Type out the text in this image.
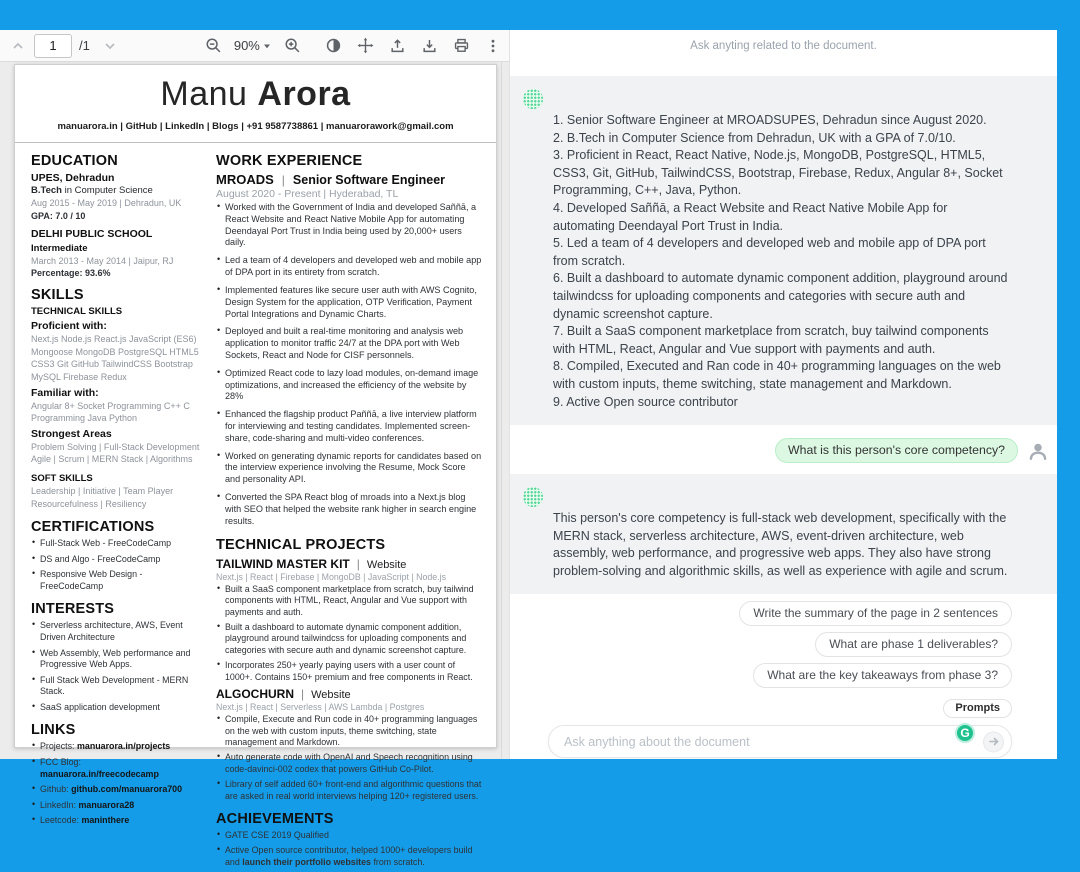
1
/1	90%
Manu Arora
manuarora.in | GitHub | LinkedIn | Blogs | +91 9587738861 | manuarorawork@gmail.com
EDUCATION
UPES, Dehradun
B.Tech in Computer Science
Aug 2015 - May 2019 | Dehradun, UK
GPA: 7.0 / 10
DELHI PUBLIC SCHOOL
Intermediate
March 2013 - May 2014 | Jaipur, RJ
Percentage: 93.6%
SKILLS
TECHNICAL SKILLS
Proficient with:
Next.js Node.js React.js JavaScript (ES6) Mongoose MongoDB PostgreSQL HTML5 CSS3 Git GitHub TailwindCSS Bootstrap MySQL Firebase Redux
Familiar with:
Angular 8+ Socket Programming C++ C Programming Java Python
Strongest Areas
Problem Solving | Full-Stack Development Agile | Scrum | MERN Stack | Algorithms
SOFT SKILLS
Leadership | Initiative | Team Player Resourcefulness | Resiliency
CERTIFICATIONS
• Full-Stack Web - FreeCodeCamp
• DS and Algo - FreeCodeCamp
• Responsive Web Design - FreeCodeCamp
INTERESTS
• Serverless architecture, AWS, Event Driven Architecture
• Web Assembly, Web performance and Progressive Web Apps.
• Full Stack Web Development - MERN Stack.
• SaaS application development
LINKS
• Projects: manuarora.in/projects
• FCC Blog: manuarora.in/freecodecamp
• Github: github.com/manuarora700
• LinkedIn: manuarora28
• Leetcode: maninthere
WORK EXPERIENCE
MROADS | Senior Software Engineer
August 2020 - Present | Hyderabad, TL
• Worked with the Government of India and developed Saññā, a React Website and React Native Mobile App for automating Deendayal Port Trust in India being used by 20,000+ users daily.
• Led a team of 4 developers and developed web and mobile app of DPA port in its entirety from scratch.
• Implemented features like secure user auth with AWS Cognito, Design System for the application, OTP Verification, Payment Portal Integrations and Dynamic Charts.
• Deployed and built a real-time monitoring and analysis web application to monitor traffic 24/7 at the DPA port with Web Sockets, React and Node for CISF personnels.
• Optimized React code to lazy load modules, on-demand image optimizations, and increased the efficiency of the website by 28%
• Enhanced the flagship product Paññā, a live interview platform for interviewing and testing candidates. Implemented screen-share, code-sharing and multi-video conferences.
• Worked on generating dynamic reports for candidates based on the interview experience involving the Resume, Mock Score and personality API.
• Converted the SPA React blog of mroads into a Next.js blog with SEO that helped the website rank higher in search engine results.
TECHNICAL PROJECTS
TAILWIND MASTER KIT | Website
Next.js | React | Firebase | MongoDB | JavaScript | Node.js
• Built a SaaS component marketplace from scratch, buy tailwind components with HTML, React, Angular and Vue support with payments and auth.
• Built a dashboard to automate dynamic component addition, playground around tailwindcss for uploading components and categories with secure auth and dynamic screenshot capture.
• Incorporates 250+ yearly paying users with a user count of 1000+. Contains 150+ premium and free components in React.
ALGOCHURN | Website
Next.js | React | Serverless | AWS Lambda | Postgres
• Compile, Execute and Run code in 40+ programming languages on the web with custom inputs, theme switching, state management and Markdown.
• Auto generate code with OpenAI and Speech recognition using code-davinci-002 codex that powers GitHub Co-Pilot.
• Library of self added 60+ front-end and algorithmic questions that are asked in real world interviews helping 120+ registered users.
ACHIEVEMENTS
• GATE CSE 2019 Qualified
• Active Open source contributor, helped 1000+ developers build and launch their portfolio websites from scratch.
Ask anyting related to the document.
1. Senior Software Engineer at MROADSUPES, Dehradun since August 2020.
2. B.Tech in Computer Science from Dehradun, UK with a GPA of 7.0/10.
3. Proficient in React, React Native, Node.js, MongoDB, PostgreSQL, HTML5, CSS3, Git, GitHub, TailwindCSS, Bootstrap, Firebase, Redux, Angular 8+, Socket Programming, C++, Java, Python.
4. Developed Saññā, a React Website and React Native Mobile App for automating Deendayal Port Trust in India.
5. Led a team of 4 developers and developed web and mobile app of DPA port from scratch.
6. Built a dashboard to automate dynamic component addition, playground around tailwindcss for uploading components and categories with secure auth and dynamic screenshot capture.
7. Built a SaaS component marketplace from scratch, buy tailwind components with HTML, React, Angular and Vue support with payments and auth.
8. Compiled, Executed and Ran code in 40+ programming languages on the web with custom inputs, theme switching, state management and Markdown.
9. Active Open source contributor
What is this person's core competency?
This person's core competency is full-stack web development, specifically with the MERN stack, serverless architecture, AWS, event-driven architecture, web assembly, web performance, and progressive web apps. They also have strong problem-solving and algorithmic skills, as well as experience with agile and scrum.
Write the summary of the page in 2 sentences
What are phase 1 deliverables?
What are the key takeaways from phase 3?
Prompts
Ask anything about the document
G
